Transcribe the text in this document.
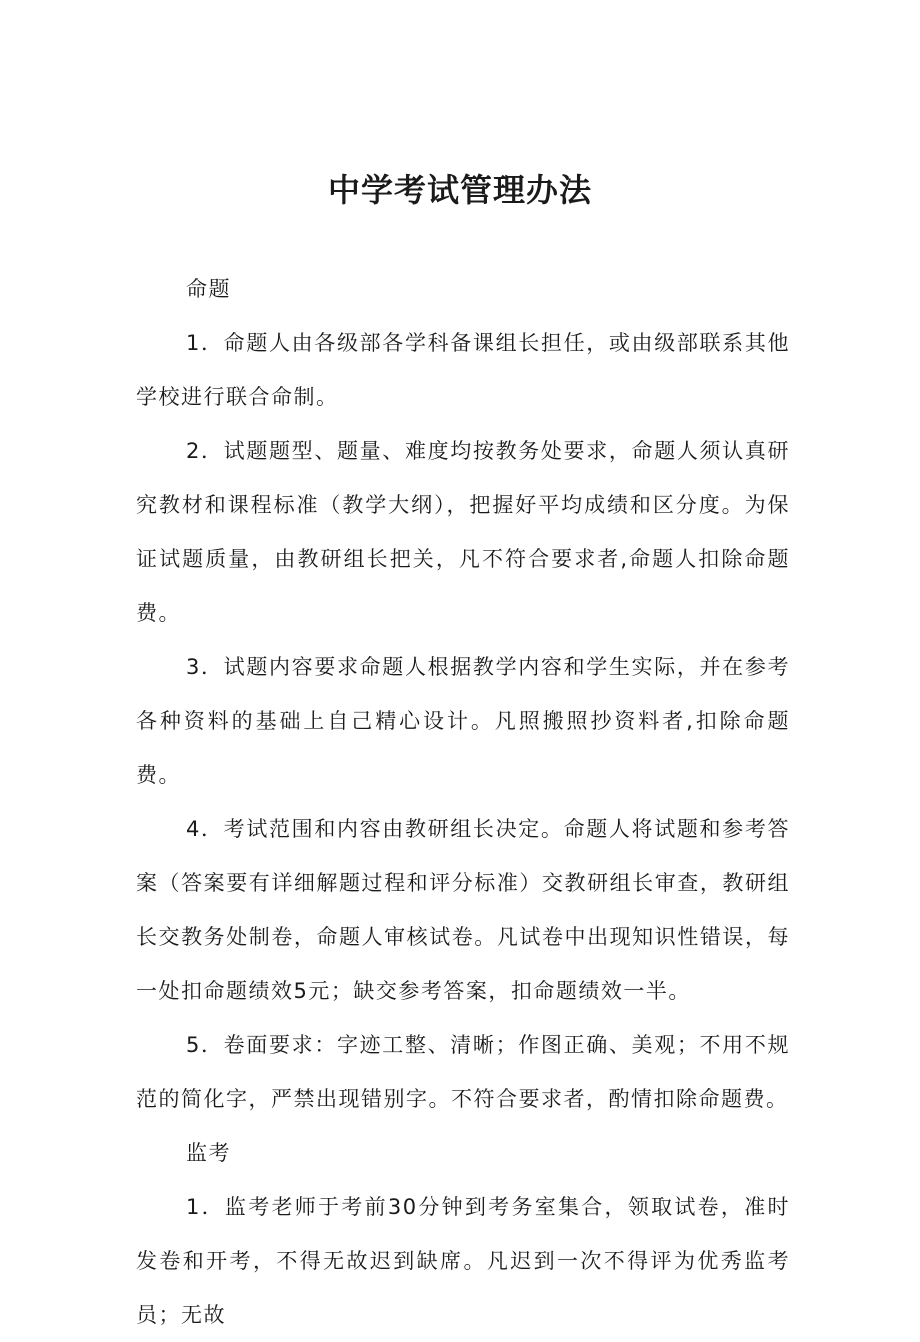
中学考试管理办法

命题

1．命题人由各级部各学科备课组长担任，或由级部联系其他学校进行联合命制。

2．试题题型、题量、难度均按教务处要求，命题人须认真研究教材和课程标准（教学大纲），把握好平均成绩和区分度。为保证试题质量，由教研组长把关，凡不符合要求者,命题人扣除命题费。

3．试题内容要求命题人根据教学内容和学生实际，并在参考各种资料的基础上自己精心设计。凡照搬照抄资料者,扣除命题费。

4．考试范围和内容由教研组长决定。命题人将试题和参考答案（答案要有详细解题过程和评分标准）交教研组长审查，教研组长交教务处制卷，命题人审核试卷。凡试卷中出现知识性错误，每一处扣命题绩效5元；缺交参考答案，扣命题绩效一半。

5．卷面要求：字迹工整、清晰；作图正确、美观；不用不规范的简化字，严禁出现错别字。不符合要求者，酌情扣除命题费。

监考

1．监考老师于考前30分钟到考务室集合，领取试卷，准时发卷和开考，不得无故迟到缺席。凡迟到一次不得评为优秀监考员；无故
